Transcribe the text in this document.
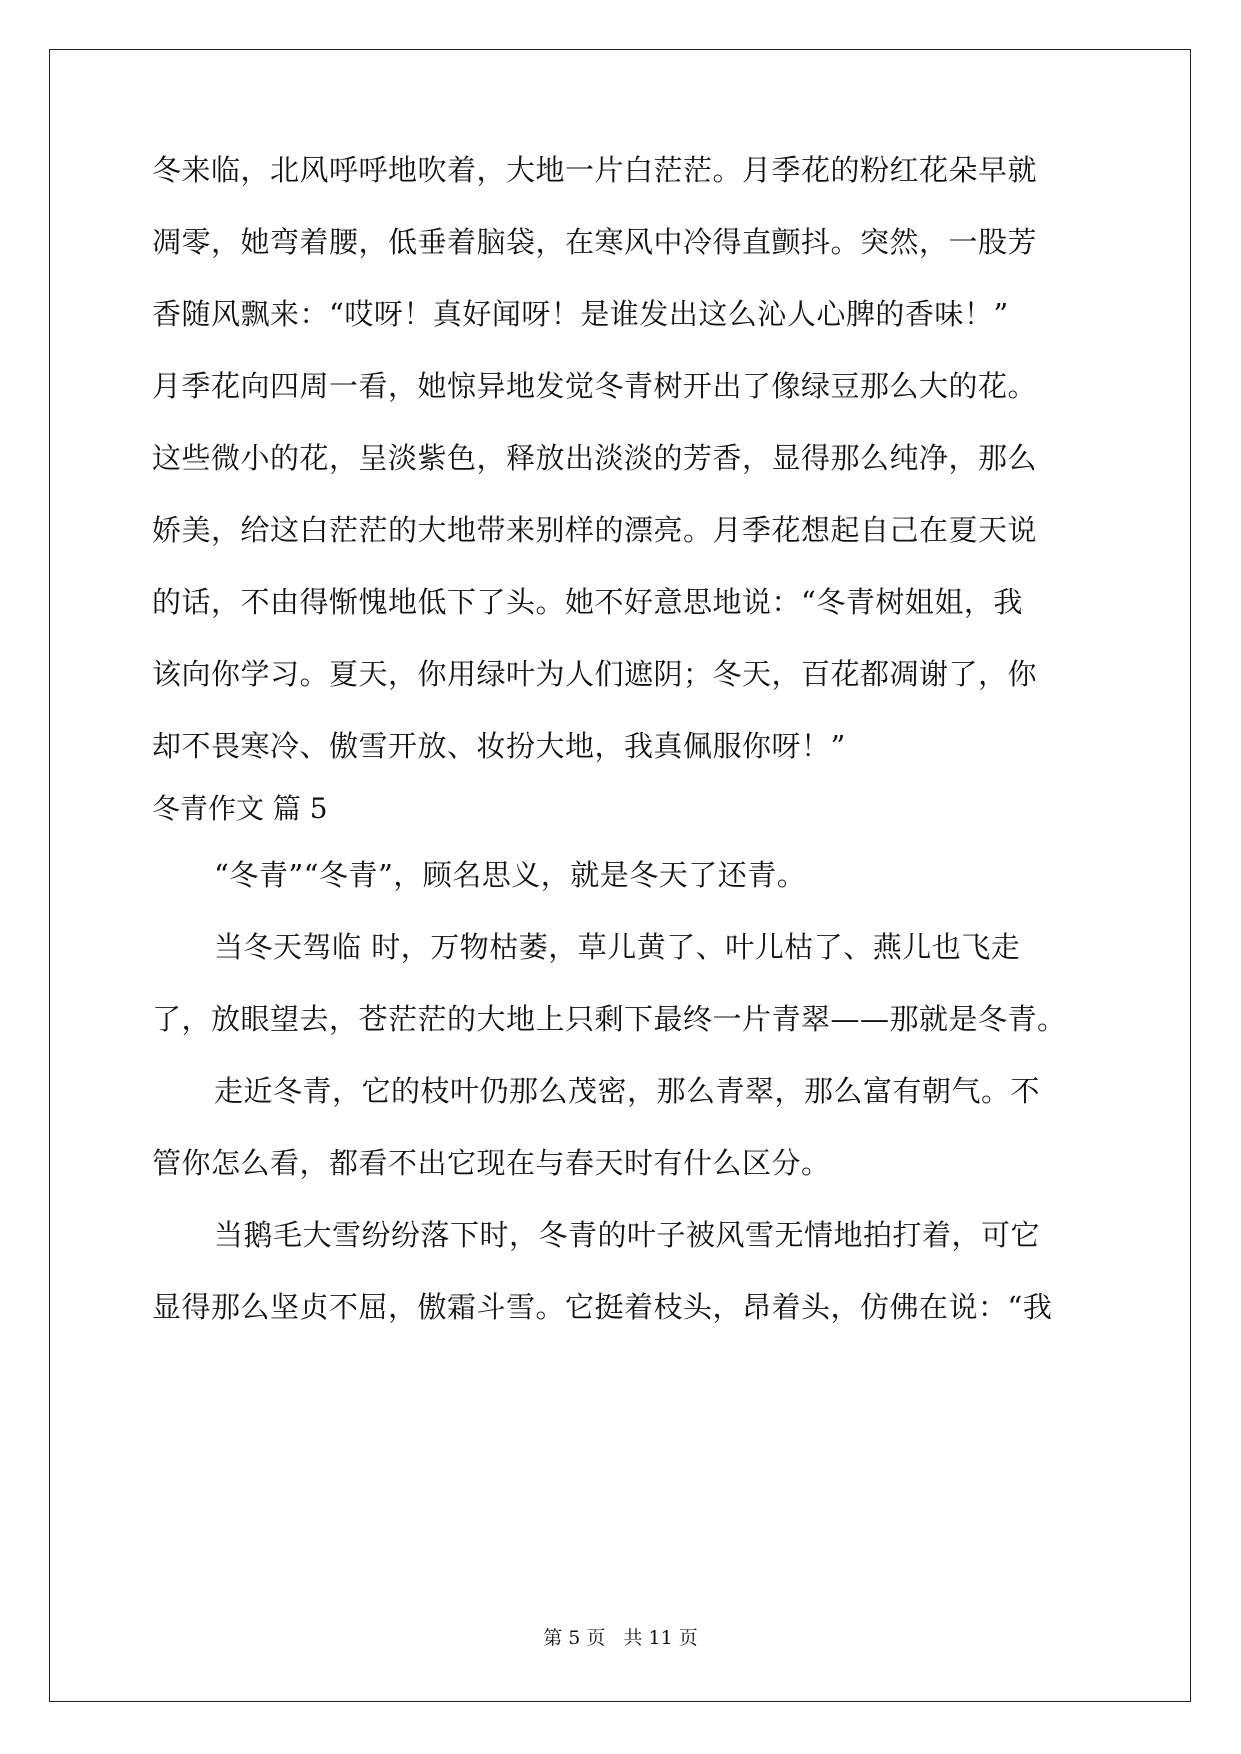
冬来临，北风呼呼地吹着，大地一片白茫茫。月季花的粉红花朵早就
凋零，她弯着腰，低垂着脑袋，在寒风中冷得直颤抖。突然，一股芳
香随风飘来：“哎呀！真好闻呀！是谁发出这么沁人心脾的香味！”
月季花向四周一看，她惊异地发觉冬青树开出了像绿豆那么大的花。
这些微小的花，呈淡紫色，释放出淡淡的芳香，显得那么纯净，那么
娇美，给这白茫茫的大地带来别样的漂亮。月季花想起自己在夏天说
的话，不由得惭愧地低下了头。她不好意思地说：“冬青树姐姐，我
该向你学习。夏天，你用绿叶为人们遮阴；冬天，百花都凋谢了，你
却不畏寒冷、傲雪开放、妆扮大地，我真佩服你呀！”
冬青作文 篇 5
“冬青”“冬青”，顾名思义，就是冬天了还青。
当冬天驾临 时，万物枯萎，草儿黄了、叶儿枯了、燕儿也飞走
了，放眼望去，苍茫茫的大地上只剩下最终一片青翠——那就是冬青。
走近冬青，它的枝叶仍那么茂密，那么青翠，那么富有朝气。不
管你怎么看，都看不出它现在与春天时有什么区分。
当鹅毛大雪纷纷落下时，冬青的叶子被风雪无情地拍打着，可它
显得那么坚贞不屈，傲霜斗雪。它挺着枝头，昂着头，仿佛在说：“我
第 5 页   共 11 页
